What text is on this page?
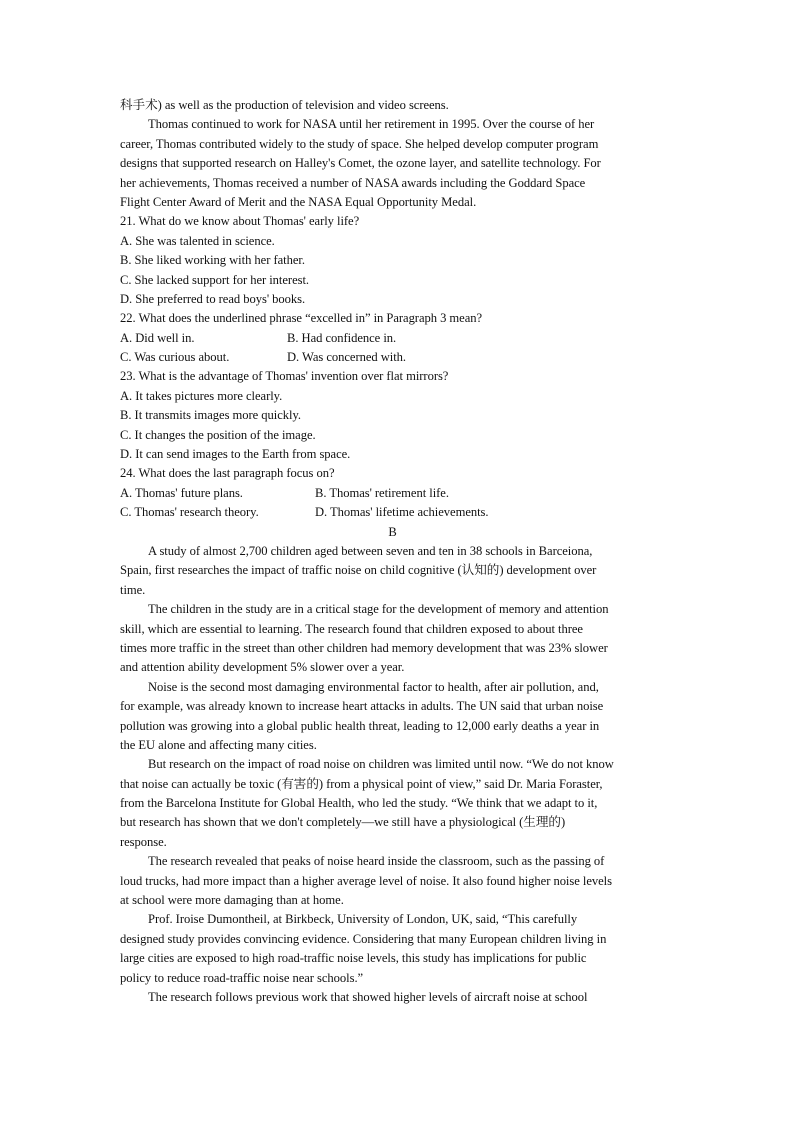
科手术) as well as the production of television and video screens.
Thomas continued to work for NASA until her retirement in 1995. Over the course of her
career, Thomas contributed widely to the study of space. She helped develop computer program
designs that supported research on Halley's Comet, the ozone layer, and satellite technology. For
her achievements, Thomas received a number of NASA awards including the Goddard Space
Flight Center Award of Merit and the NASA Equal Opportunity Medal.
21. What do we know about Thomas' early life?
A. She was talented in science.
B. She liked working with her father.
C. She lacked support for her interest.
D. She preferred to read boys' books.
22. What does the underlined phrase “excelled in” in Paragraph 3 mean?
A. Did well in.	B. Had confidence in.
C. Was curious about.	D. Was concerned with.
23. What is the advantage of Thomas' invention over flat mirrors?
A. It takes pictures more clearly.
B. It transmits images more quickly.
C. It changes the position of the image.
D. It can send images to the Earth from space.
24. What does the last paragraph focus on?
A. Thomas' future plans.	B. Thomas' retirement life.
C. Thomas' research theory.	D. Thomas' lifetime achievements.
B
A study of almost 2,700 children aged between seven and ten in 38 schools in Barceiona,
Spain, first researches the impact of traffic noise on child cognitive (认知的) development over
time.
The children in the study are in a critical stage for the development of memory and attention
skill, which are essential to learning. The research found that children exposed to about three
times more traffic in the street than other children had memory development that was 23% slower
and attention ability development 5% slower over a year.
Noise is the second most damaging environmental factor to health, after air pollution, and,
for example, was already known to increase heart attacks in adults. The UN said that urban noise
pollution was growing into a global public health threat, leading to 12,000 early deaths a year in
the EU alone and affecting many cities.
But research on the impact of road noise on children was limited until now. “We do not know
that noise can actually be toxic (有害的) from a physical point of view,” said Dr. Maria Foraster,
from the Barcelona Institute for Global Health, who led the study. “We think that we adapt to it,
but research has shown that we don't completely—we still have a physiological (生理的)
response.
The research revealed that peaks of noise heard inside the classroom, such as the passing of
loud trucks, had more impact than a higher average level of noise. It also found higher noise levels
at school were more damaging than at home.
Prof. Iroise Dumontheil, at Birkbeck, University of London, UK, said, “This carefully
designed study provides convincing evidence. Considering that many European children living in
large cities are exposed to high road-traffic noise levels, this study has implications for public
policy to reduce road-traffic noise near schools.”
The research follows previous work that showed higher levels of aircraft noise at school
